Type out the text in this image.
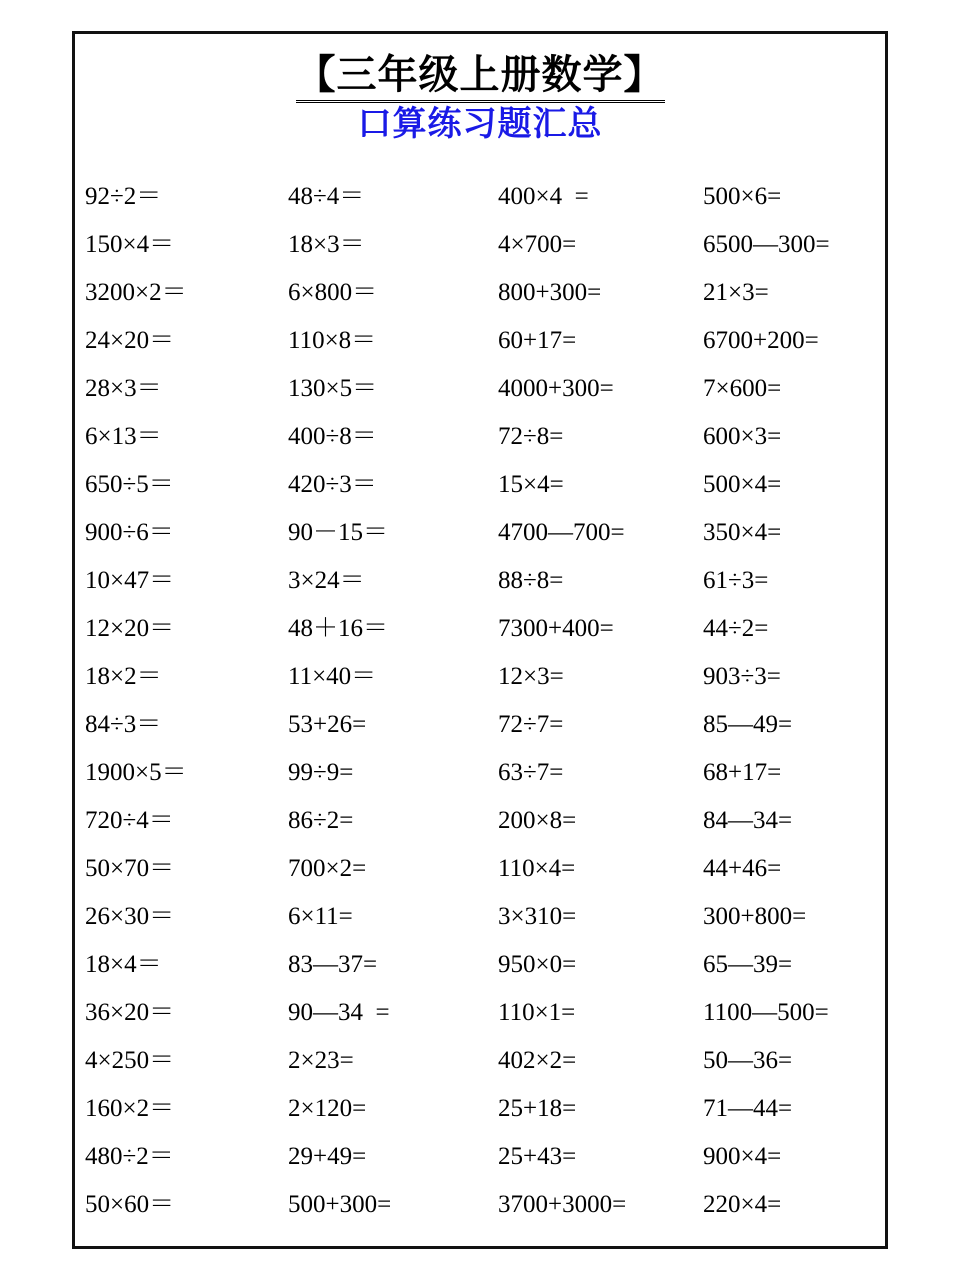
【三年级上册数学】
口算练习题汇总
92÷2＝	48÷4＝	400×4  =	500×6=
150×4＝	18×3＝	4×700=	6500—300=
3200×2＝	6×800＝	800+300=	21×3=
24×20＝	110×8＝	60+17=	6700+200=
28×3＝	130×5＝	4000+300=	7×600=
6×13＝	400÷8＝	72÷8=	600×3=
650÷5＝	420÷3＝	15×4=	500×4=
900÷6＝	90－15＝	4700—700=	350×4=
10×47＝	3×24＝	88÷8=	61÷3=
12×20＝	48＋16＝	7300+400=	44÷2=
18×2＝	11×40＝	12×3=	903÷3=
84÷3＝	53+26=	72÷7=	85—49=
1900×5＝	99÷9=	63÷7=	68+17=
720÷4＝	86÷2=	200×8=	84—34=
50×70＝	700×2=	110×4=	44+46=
26×30＝	6×11=	3×310=	300+800=
18×4＝	83—37=	950×0=	65—39=
36×20＝	90—34  =	110×1=	1100—500=
4×250＝	2×23=	402×2=	50—36=
160×2＝	2×120=	25+18=	71—44=
480÷2＝	29+49=	25+43=	900×4=
50×60＝	500+300=	3700+3000=	220×4=
